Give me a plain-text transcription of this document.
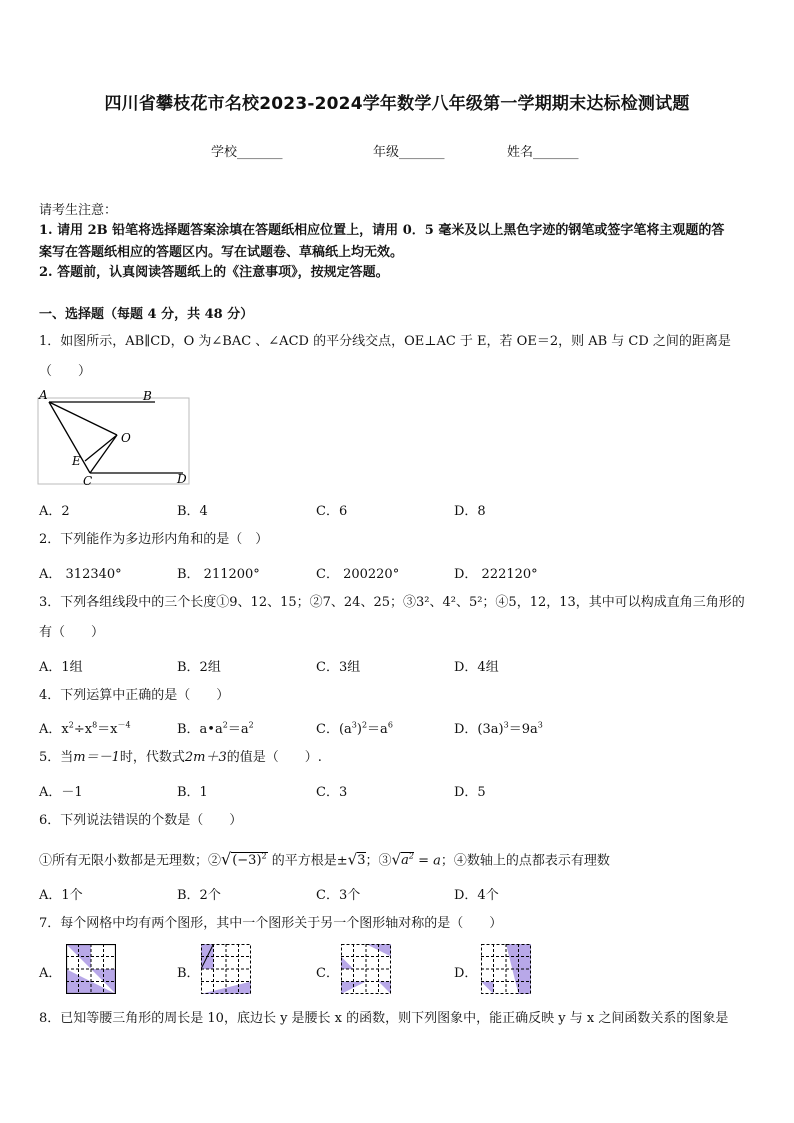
四川省攀枝花市名校2023-2024学年数学八年级第一学期期末达标检测试题
学校_______	年级_______	姓名_______
请考生注意：
1. 请用 2B 铅笔将选择题答案涂填在答题纸相应位置上，请用 0．5 毫米及以上黑色字迹的钢笔或签字笔将主观题的答
案写在答题纸相应的答题区内。写在试题卷、草稿纸上均无效。
2. 答题前，认真阅读答题纸上的《注意事项》，按规定答题。
一、选择题（每题 4 分，共 48 分）
1．如图所示，AB∥CD，O 为∠BAC 、∠ACD 的平分线交点，OE⊥AC 于 E，若 OE＝2，则 AB 与 CD 之间的距离是
（　　）
A	B
O
E
C	D
A．2	B．4	C．6	D．8
2．下列能作为多边形内角和的是（　）
A． 312340°	B． 211200°	C． 200220°	D． 222120°
3．下列各组线段中的三个长度①9、12、15；②7、24、25；③3²、4²、5²；④5，12，13，其中可以构成直角三角形的
有（　　）
A．1组	B．2组	C．3组	D．4组
4．下列运算中正确的是（　　）
A．$x^2\div x^8=x^{-4}$	B．$a•a^2=a^2$	C．$(a^3)^2=a^6$	D．$(3a)^3=9a^3$
5．当m＝－1时，代数式2m＋3的值是（　　）.
A．－1	B．1	C．3	D．5
6．下列说法错误的个数是（　　）
①所有无限小数都是无理数；$②√(-3)^2$ 的平方根是±√3；$③√a^2 = a$；④数轴上的点都表示有理数
A．1个	B．2个	C．3个	D．4个
7．每个网格中均有两个图形，其中一个图形关于另一个图形轴对称的是（　　）
A．	B．	C．	D．
8．已知等腰三角形的周长是 10，底边长 y 是腰长 x 的函数，则下列图象中，能正确反映 y 与 x 之间函数关系的图象是
